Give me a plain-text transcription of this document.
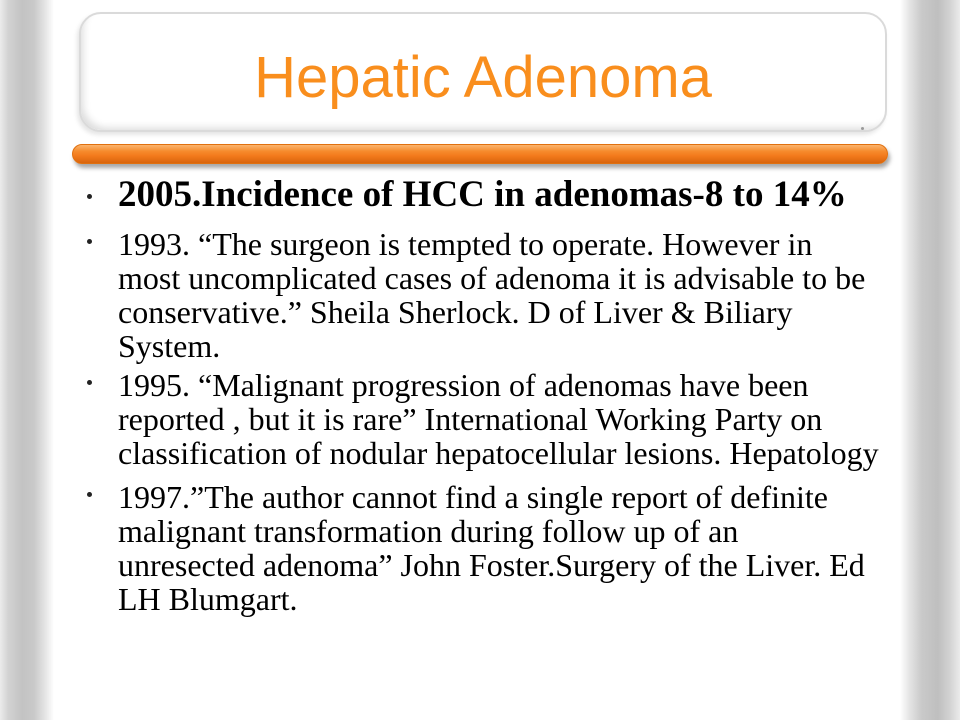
Hepatic Adenoma
2005.Incidence of HCC in adenomas-8 to 14%
1993. “The surgeon is tempted to operate. However in
most uncomplicated cases of adenoma it is advisable to be
conservative.” Sheila Sherlock. D of Liver & Biliary
System.
1995. “Malignant progression of adenomas have been
reported , but it is rare” International Working Party on
classification of nodular hepatocellular lesions. Hepatology
1997.”The author cannot find a single report of definite
malignant transformation during follow up of an
unresected adenoma” John Foster.Surgery of the Liver. Ed
LH Blumgart.
